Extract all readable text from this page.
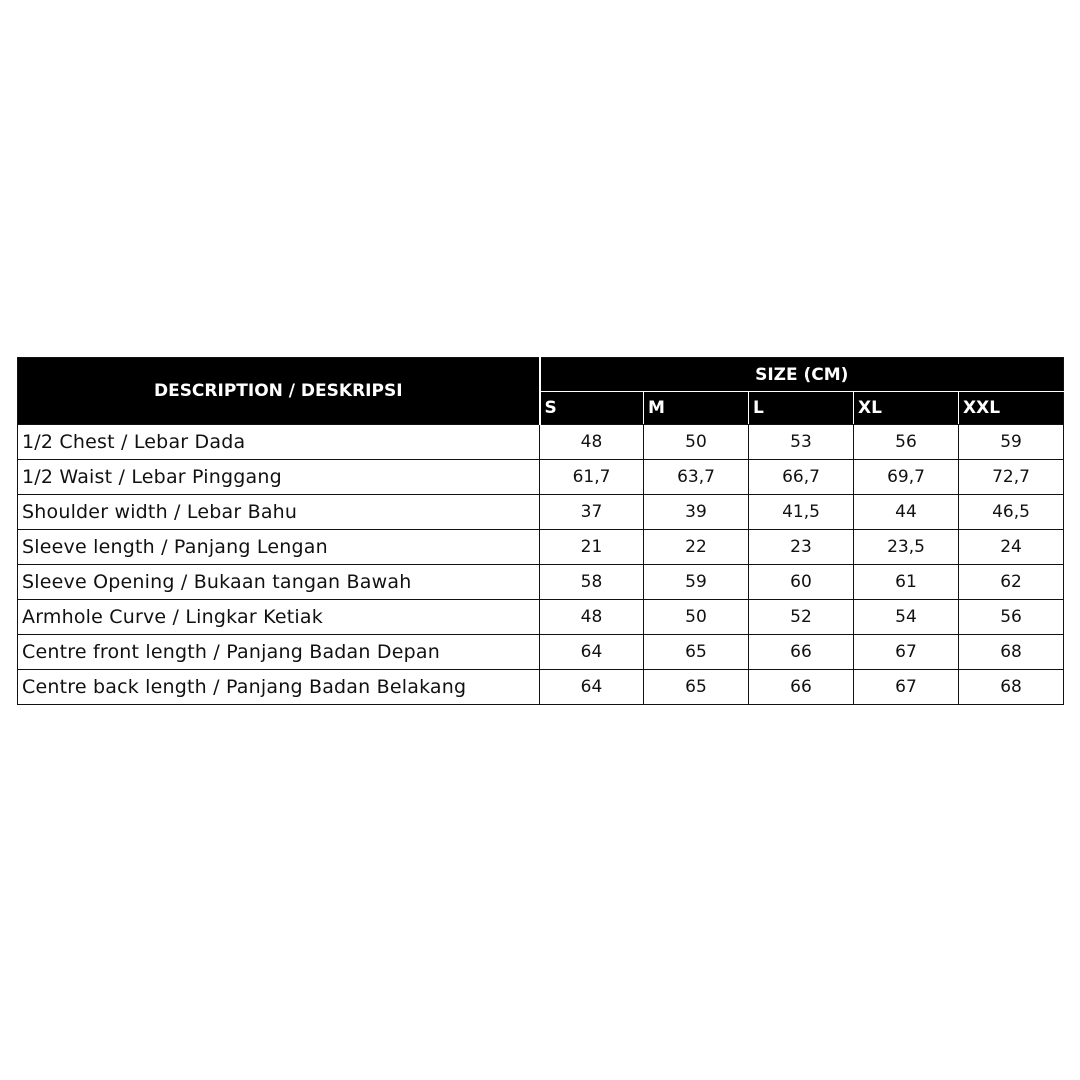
DESCRIPTION / DESKRIPSI	SIZE (CM)				
	S	M	L	XL	XXL
1/2 Chest / Lebar Dada	48	50	53	56	59
1/2 Waist / Lebar Pinggang	61,7	63,7	66,7	69,7	72,7
Shoulder width / Lebar Bahu	37	39	41,5	44	46,5
Sleeve length / Panjang Lengan	21	22	23	23,5	24
Sleeve Opening / Bukaan tangan Bawah	58	59	60	61	62
Armhole Curve / Lingkar Ketiak	48	50	52	54	56
Centre front length / Panjang Badan Depan	64	65	66	67	68
Centre back length / Panjang Badan Belakang	64	65	66	67	68
